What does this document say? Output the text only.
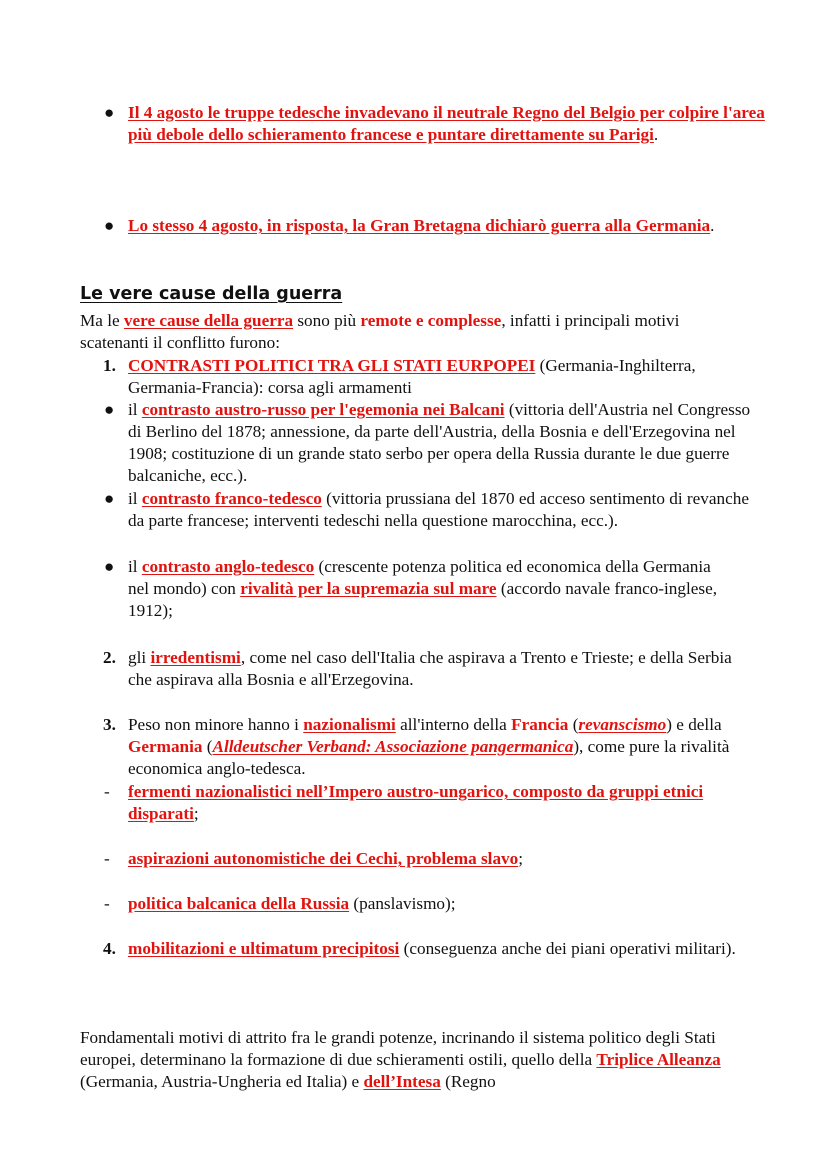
● Il 4 agosto le truppe tedesche invadevano il neutrale Regno del Belgio per colpire l'area più debole dello schieramento francese e puntare direttamente su Parigi.
● Lo stesso 4 agosto, in risposta, la Gran Bretagna dichiarò guerra alla Germania.
Le vere cause della guerra
Ma le vere cause della guerra sono più remote e complesse, infatti i principali motivi scatenanti il conflitto furono:
1. CONTRASTI POLITICI TRA GLI STATI EURPOPEI (Germania-Inghilterra, Germania-Francia): corsa agli armamenti
● il contrasto austro-russo per l'egemonia nei Balcani (vittoria dell'Austria nel Congresso di Berlino del 1878; annessione, da parte dell'Austria, della Bosnia e dell'Erzegovina nel 1908; costituzione di un grande stato serbo per opera della Russia durante le due guerre balcaniche, ecc.).
● il contrasto franco-tedesco (vittoria prussiana del 1870 ed acceso sentimento di revanche da parte francese; interventi tedeschi nella questione marocchina, ecc.).
● il contrasto anglo-tedesco (crescente potenza politica ed economica della Germania nel mondo) con rivalità per la supremazia sul mare (accordo navale franco-inglese, 1912);
2. gli irredentismi, come nel caso dell'Italia che aspirava a Trento e Trieste; e della Serbia che aspirava alla Bosnia e all'Erzegovina.
3. Peso non minore hanno i nazionalismi all'interno della Francia (revanscismo) e della Germania (Alldeutscher Verband: Associazione pangermanica), come pure la rivalità economica anglo-tedesca.
- fermenti nazionalistici nell’Impero austro-ungarico, composto da gruppi etnici disparati;
- aspirazioni autonomistiche dei Cechi, problema slavo;
- politica balcanica della Russia (panslavismo);
4. mobilitazioni e ultimatum precipitosi (conseguenza anche dei piani operativi militari).
Fondamentali motivi di attrito fra le grandi potenze, incrinando il sistema politico degli Stati europei, determinano la formazione di due schieramenti ostili, quello della Triplice Alleanza (Germania, Austria-Ungheria ed Italia) e dell’Intesa (Regno
